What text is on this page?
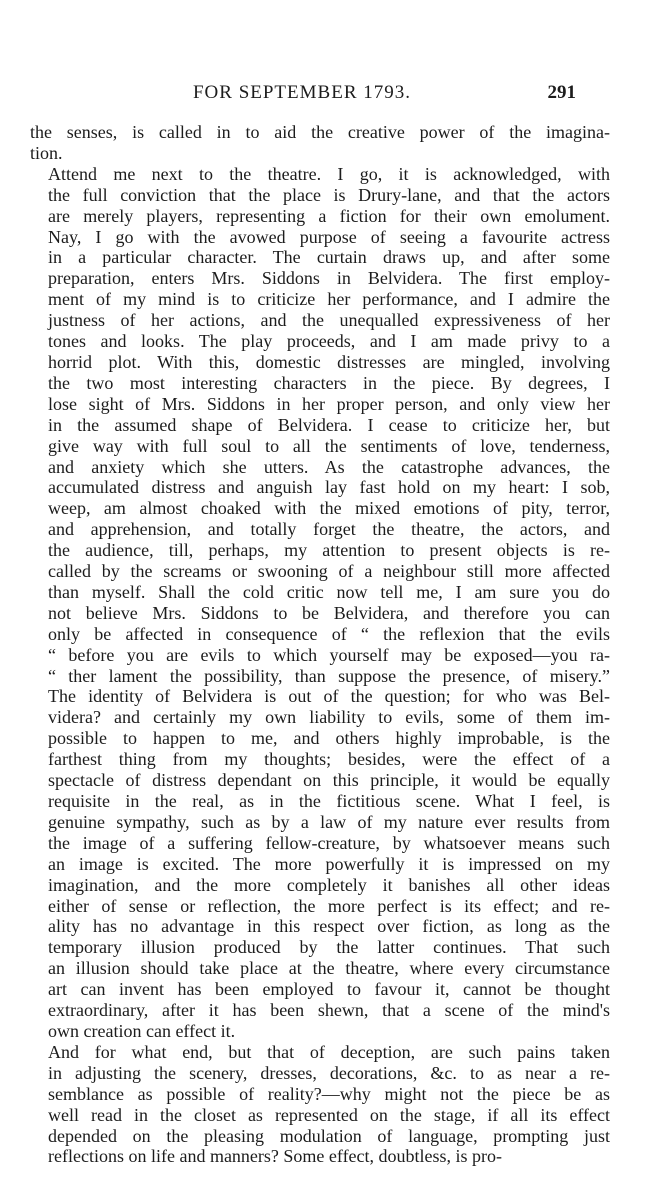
FOR SEPTEMBER 1793.	291
the senses, is called in to aid the creative power of the imagina-
tion.
Attend me next to the theatre. I go, it is acknowledged, with
the full conviction that the place is Drury-lane, and that the actors
are merely players, representing a fiction for their own emolument.
Nay, I go with the avowed purpose of seeing a favourite actress
in a particular character. The curtain draws up, and after some
preparation, enters Mrs. Siddons in Belvidera. The first employ-
ment of my mind is to criticize her performance, and I admire the
justness of her actions, and the unequalled expressiveness of her
tones and looks. The play proceeds, and I am made privy to a
horrid plot. With this, domestic distresses are mingled, involving
the two most interesting characters in the piece. By degrees, I
lose sight of Mrs. Siddons in her proper person, and only view her
in the assumed shape of Belvidera. I cease to criticize her, but
give way with full soul to all the sentiments of love, tenderness,
and anxiety which she utters. As the catastrophe advances, the
accumulated distress and anguish lay fast hold on my heart: I sob,
weep, am almost choaked with the mixed emotions of pity, terror,
and apprehension, and totally forget the theatre, the actors, and
the audience, till, perhaps, my attention to present objects is re-
called by the screams or swooning of a neighbour still more affected
than myself. Shall the cold critic now tell me, I am sure you do
not believe Mrs. Siddons to be Belvidera, and therefore you can
only be affected in consequence of “ the reflexion that the evils
“ before you are evils to which yourself may be exposed—you ra-
“ ther lament the possibility, than suppose the presence, of misery.”
The identity of Belvidera is out of the question; for who was Bel-
videra? and certainly my own liability to evils, some of them im-
possible to happen to me, and others highly improbable, is the
farthest thing from my thoughts; besides, were the effect of a
spectacle of distress dependant on this principle, it would be equally
requisite in the real, as in the fictitious scene. What I feel, is
genuine sympathy, such as by a law of my nature ever results from
the image of a suffering fellow-creature, by whatsoever means such
an image is excited. The more powerfully it is impressed on my
imagination, and the more completely it banishes all other ideas
either of sense or reflection, the more perfect is its effect; and re-
ality has no advantage in this respect over fiction, as long as the
temporary illusion produced by the latter continues. That such
an illusion should take place at the theatre, where every circumstance
art can invent has been employed to favour it, cannot be thought
extraordinary, after it has been shewn, that a scene of the mind's
own creation can effect it.
And for what end, but that of deception, are such pains taken
in adjusting the scenery, dresses, decorations, &c. to as near a re-
semblance as possible of reality?—why might not the piece be as
well read in the closet as represented on the stage, if all its effect
depended on the pleasing modulation of language, prompting just
reflections on life and manners? Some effect, doubtless, is pro-
